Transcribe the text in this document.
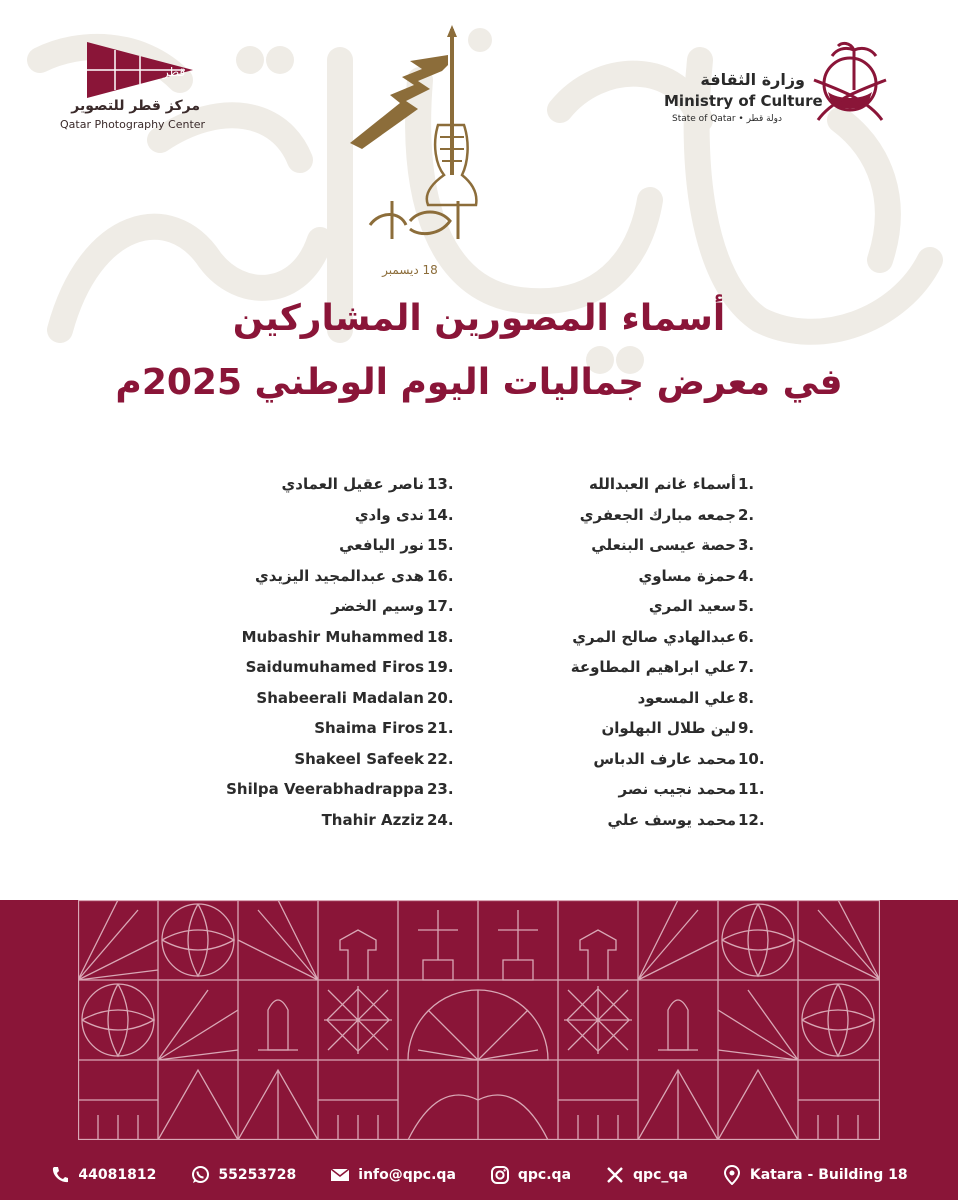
قطر
مركز قطر للتصوير
Qatar Photography Center
18 ديسمبر
وزارة الثقافة
Ministry of Culture
State of Qatar • دولة قطر
أسماء المصورين المشاركين
في معرض جماليات اليوم الوطني 2025م
أسماء غانم العبدالله 1.
جمعه مبارك الجعفري 2.
حصة عيسى البنعلي 3.
حمزة مساوي 4.
سعيد المري 5.
عبدالهادي صالح المري 6.
علي ابراهيم المطاوعة 7.
علي المسعود 8.
لين طلال البهلوان 9.
محمد عارف الدباس 10.
محمد نجيب نصر 11.
محمد يوسف علي 12.
ناصر عقيل العمادي 13.
ندى وادي 14.
نور اليافعي 15.
هدى عبدالمجيد اليزيدي 16.
وسيم الخضر 17.
Mubashir Muhammed 18.
Saidumuhamed Firos 19.
Shabeerali Madalan 20.
Shaima Firos 21.
Shakeel Safeek 22.
Shilpa Veerabhadrappa 23.
Thahir Azziz 24.
44081812	55253728	info@qpc.qa	qpc.qa	qpc_qa	Katara - Building 18
